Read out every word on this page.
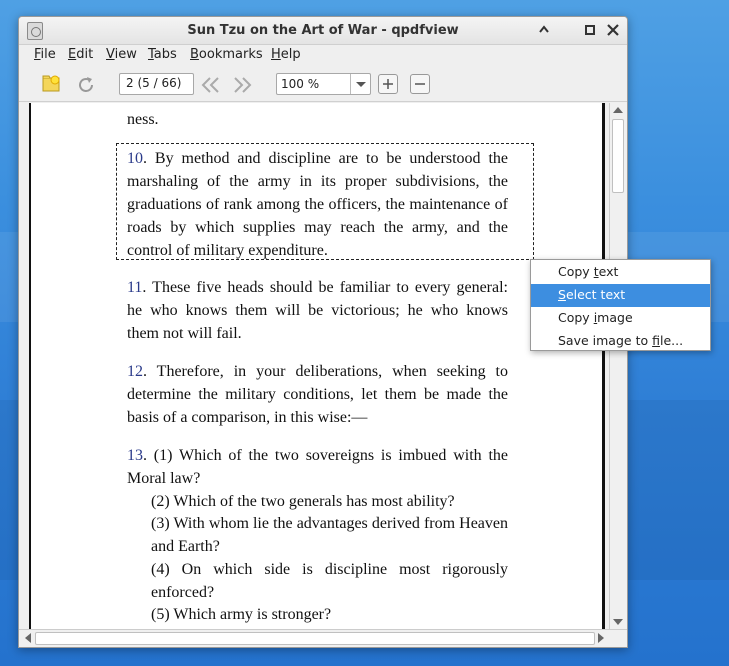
Sun Tzu on the Art of War - qpdfview
File Edit View Tabs Bookmarks Help
2 (5 / 66)	100 %
ness.
10. By method and discipline are to be understood the marshaling of the army in its proper subdivisions, the graduations of rank among the officers, the maintenance of roads by which supplies may reach the army, and the control of military expenditure.
11. These five heads should be familiar to every general: he who knows them will be victorious; he who knows them not will fail.
12. Therefore, in your deliberations, when seeking to determine the military conditions, let them be made the basis of a comparison, in this wise:—
13. (1) Which of the two sovereigns is imbued with the Moral law?
(2) Which of the two generals has most ability?
(3) With whom lie the advantages derived from Heaven and Earth?
(4) On which side is discipline most rigorously enforced?
(5) Which army is stronger?
Copy text
Select text
Copy image
Save image to file...
